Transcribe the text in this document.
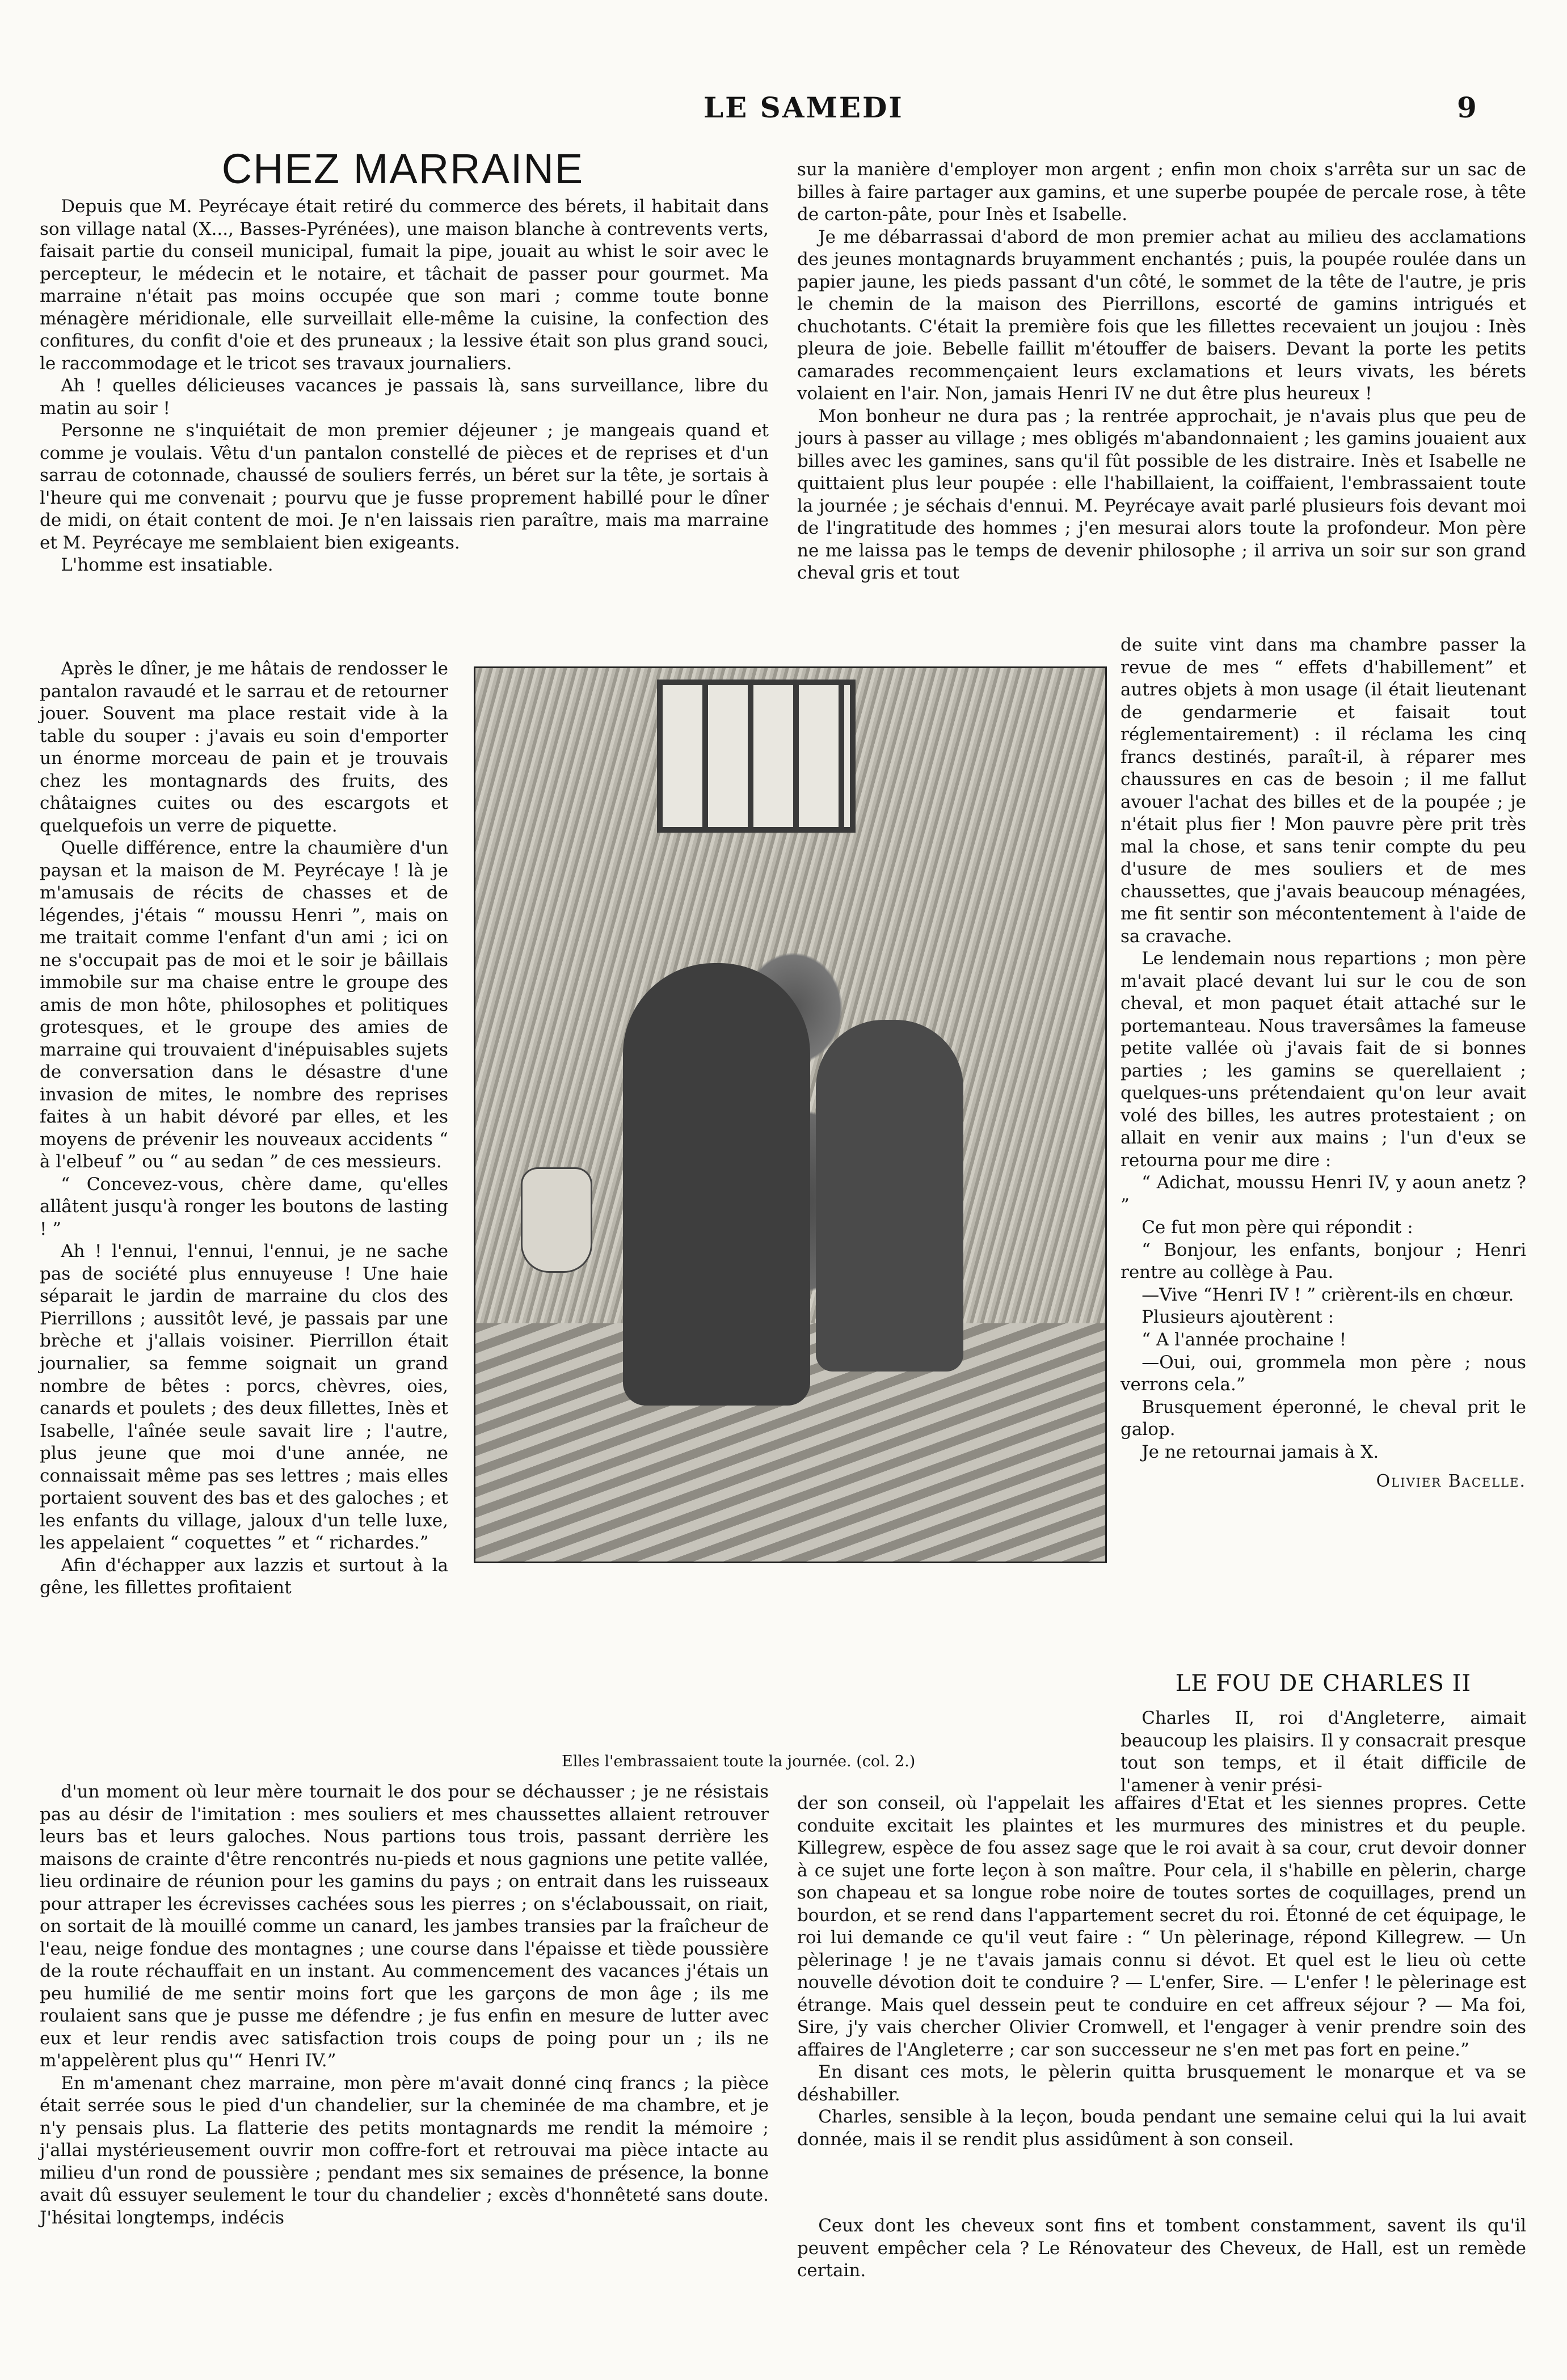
LE SAMEDI	9
CHEZ MARRAINE

Depuis que M. Peyrécaye était retiré du commerce des bérets, il habitait dans son village natal (X..., Basses-Pyrénées), une maison blanche à contrevents verts, faisait partie du conseil municipal, fumait la pipe, jouait au whist le soir avec le percepteur, le médecin et le notaire, et tâchait de passer pour gourmet. Ma marraine n'était pas moins occupée que son mari ; comme toute bonne ménagère méridionale, elle surveillait elle-même la cuisine, la confection des confitures, du confit d'oie et des pruneaux ; la lessive était son plus grand souci, le raccommodage et le tricot ses travaux journaliers.

Ah ! quelles délicieuses vacances je passais là, sans surveillance, libre du matin au soir !

Personne ne s'inquiétait de mon premier déjeuner ; je mangeais quand et comme je voulais. Vêtu d'un pantalon constellé de pièces et de reprises et d'un sarrau de cotonnade, chaussé de souliers ferrés, un béret sur la tête, je sortais à l'heure qui me convenait ; pourvu que je fusse proprement habillé pour le dîner de midi, on était content de moi. Je n'en laissais rien paraître, mais ma marraine et M. Peyrécaye me semblaient bien exigeants.

L'homme est insatiable.

Après le dîner, je me hâtais de rendosser le pantalon ravaudé et le sarrau et de retourner jouer. Souvent ma place restait vide à la table du souper : j'avais eu soin d'emporter un énorme morceau de pain et je trouvais chez les montagnards des fruits, des châtaignes cuites ou des escargots et quelquefois un verre de piquette.

Quelle différence, entre la chaumière d'un paysan et la maison de M. Peyrécaye ! là je m'amusais de récits de chasses et de légendes, j'étais “ moussu Henri ”, mais on me traitait comme l'enfant d'un ami ; ici on ne s'occupait pas de moi et le soir je bâillais immobile sur ma chaise entre le groupe des amis de mon hôte, philosophes et politiques grotesques, et le groupe des amies de marraine qui trouvaient d'inépuisables sujets de conversation dans le désastre d'une invasion de mites, le nombre des reprises faites à un habit dévoré par elles, et les moyens de prévenir les nouveaux accidents “ à l'elbeuf ” ou “ au sedan ” de ces messieurs.

“ Concevez-vous, chère dame, qu'elles allâtent jusqu'à ronger les boutons de lasting ! ”

Ah ! l'ennui, l'ennui, l'ennui, je ne sache pas de société plus ennuyeuse ! Une haie séparait le jardin de marraine du clos des Pierrillons ; aussitôt levé, je passais par une brèche et j'allais voisiner. Pierrillon était journalier, sa femme soignait un grand nombre de bêtes : porcs, chèvres, oies, canards et poulets ; des deux fillettes, Inès et Isabelle, l'aînée seule savait lire ; l'autre, plus jeune que moi d'une année, ne connaissait même pas ses lettres ; mais elles portaient souvent des bas et des galoches ; et les enfants du village, jaloux d'un telle luxe, les appelaient “ coquettes ” et “ richardes.”

Afin d'échapper aux lazzis et surtout à la gêne, les fillettes profitaient

Elles l'embrassaient toute la journée. (col. 2.)

d'un moment où leur mère tournait le dos pour se déchausser ; je ne résistais pas au désir de l'imitation : mes souliers et mes chaussettes allaient retrouver leurs bas et leurs galoches. Nous partions tous trois, passant derrière les maisons de crainte d'être rencontrés nu-pieds et nous gagnions une petite vallée, lieu ordinaire de réunion pour les gamins du pays ; on entrait dans les ruisseaux pour attraper les écrevisses cachées sous les pierres ; on s'éclaboussait, on riait, on sortait de là mouillé comme un canard, les jambes transies par la fraîcheur de l'eau, neige fondue des montagnes ; une course dans l'épaisse et tiède poussière de la route réchauffait en un instant. Au commencement des vacances j'étais un peu humilié de me sentir moins fort que les garçons de mon âge ; ils me roulaient sans que je pusse me défendre ; je fus enfin en mesure de lutter avec eux et leur rendis avec satisfaction trois coups de poing pour un ; ils ne m'appelèrent plus qu'“ Henri IV.”

En m'amenant chez marraine, mon père m'avait donné cinq francs ; la pièce était serrée sous le pied d'un chandelier, sur la cheminée de ma chambre, et je n'y pensais plus. La flatterie des petits montagnards me rendit la mémoire ; j'allai mystérieusement ouvrir mon coffre-fort et retrouvai ma pièce intacte au milieu d'un rond de poussière ; pendant mes six semaines de présence, la bonne avait dû essuyer seulement le tour du chandelier ; excès d'honnêteté sans doute. J'hésitai longtemps, indécis

sur la manière d'employer mon argent ; enfin mon choix s'arrêta sur un sac de billes à faire partager aux gamins, et une superbe poupée de percale rose, à tête de carton-pâte, pour Inès et Isabelle.

Je me débarrassai d'abord de mon premier achat au milieu des acclamations des jeunes montagnards bruyamment enchantés ; puis, la poupée roulée dans un papier jaune, les pieds passant d'un côté, le sommet de la tête de l'autre, je pris le chemin de la maison des Pierrillons, escorté de gamins intrigués et chuchotants. C'était la première fois que les fillettes recevaient un joujou : Inès pleura de joie. Bebelle faillit m'étouffer de baisers. Devant la porte les petits camarades recommençaient leurs exclamations et leurs vivats, les bérets volaient en l'air. Non, jamais Henri IV ne dut être plus heureux !

Mon bonheur ne dura pas ; la rentrée approchait, je n'avais plus que peu de jours à passer au village ; mes obligés m'abandonnaient ; les gamins jouaient aux billes avec les gamines, sans qu'il fût possible de les distraire. Inès et Isabelle ne quittaient plus leur poupée : elle l'habillaient, la coiffaient, l'embrassaient toute la journée ; je séchais d'ennui. M. Peyrécaye avait parlé plusieurs fois devant moi de l'ingratitude des hommes ; j'en mesurai alors toute la profondeur. Mon père ne me laissa pas le temps de devenir philosophe ; il arriva un soir sur son grand cheval gris et tout

de suite vint dans ma chambre passer la revue de mes “ effets d'habillement” et autres objets à mon usage (il était lieutenant de gendarmerie et faisait tout réglementairement) : il réclama les cinq francs destinés, paraît-il, à réparer mes chaussures en cas de besoin ; il me fallut avouer l'achat des billes et de la poupée ; je n'était plus fier ! Mon pauvre père prit très mal la chose, et sans tenir compte du peu d'usure de mes souliers et de mes chaussettes, que j'avais beaucoup ménagées, me fit sentir son mécontentement à l'aide de sa cravache.

Le lendemain nous repartions ; mon père m'avait placé devant lui sur le cou de son cheval, et mon paquet était attaché sur le portemanteau. Nous traversâmes la fameuse petite vallée où j'avais fait de si bonnes parties ; les gamins se querellaient ; quelques-uns prétendaient qu'on leur avait volé des billes, les autres protestaient ; on allait en venir aux mains ; l'un d'eux se retourna pour me dire :

“ Adichat, moussu Henri IV, y aoun anetz ? ”

Ce fut mon père qui répondit :

“ Bonjour, les enfants, bonjour ; Henri rentre au collège à Pau.

—Vive “Henri IV ! ” crièrent-ils en chœur.

Plusieurs ajoutèrent :

“ A l'année prochaine !

—Oui, oui, grommela mon père ; nous verrons cela.”

Brusquement éperonné, le cheval prit le galop.

Je ne retournai jamais à X.

Olivier Bacelle.
LE FOU DE CHARLES II

Charles II, roi d'Angleterre, aimait beaucoup les plaisirs. Il y consacrait presque tout son temps, et il était difficile de l'amener à venir prési-

der son conseil, où l'appelait les affaires d'Etat et les siennes propres. Cette conduite excitait les plaintes et les murmures des ministres et du peuple. Killegrew, espèce de fou assez sage que le roi avait à sa cour, crut devoir donner à ce sujet une forte leçon à son maître. Pour cela, il s'habille en pèlerin, charge son chapeau et sa longue robe noire de toutes sortes de coquillages, prend un bourdon, et se rend dans l'appartement secret du roi. Étonné de cet équipage, le roi lui demande ce qu'il veut faire : “ Un pèlerinage, répond Killegrew. — Un pèlerinage ! je ne t'avais jamais connu si dévot. Et quel est le lieu où cette nouvelle dévotion doit te conduire ? — L'enfer, Sire. — L'enfer ! le pèlerinage est étrange. Mais quel dessein peut te conduire en cet affreux séjour ? — Ma foi, Sire, j'y vais chercher Olivier Cromwell, et l'engager à venir prendre soin des affaires de l'Angleterre ; car son successeur ne s'en met pas fort en peine.”

En disant ces mots, le pèlerin quitta brusquement le monarque et va se déshabiller.

Charles, sensible à la leçon, bouda pendant une semaine celui qui la lui avait donnée, mais il se rendit plus assidûment à son conseil.

Ceux dont les cheveux sont fins et tombent constamment, savent ils qu'il peuvent empêcher cela ? Le Rénovateur des Cheveux, de Hall, est un remède certain.
